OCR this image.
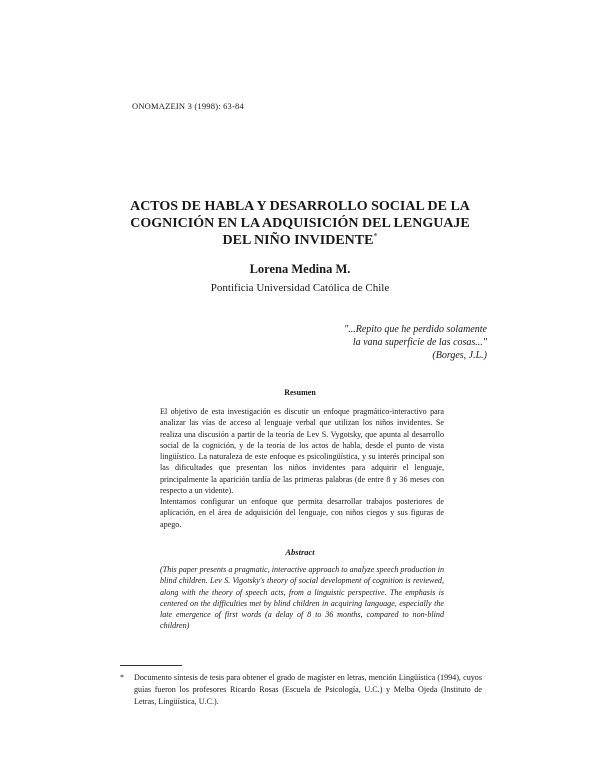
ONOMAZEIN 3 (1998): 63-84
ACTOS DE HABLA Y DESARROLLO SOCIAL DE LA
COGNICIÓN EN LA ADQUISICIÓN DEL LENGUAJE
DEL NIÑO INVIDENTE*
Lorena Medina M.
Pontificia Universidad Católica de Chile
"...Repito que he perdido solamente
la vana superficie de las cosas..."
(Borges, J.L.)
Resumen

El objetivo de esta investigación es discutir un enfoque pragmático-interactivo para analizar las vías de acceso al lenguaje verbal que utilizan los niños invidentes. Se realiza una discusión a partir de la teoría de Lev S. Vygotsky, que apunta al desarrollo social de la cognición, y de la teoría de los actos de habla, desde el punto de vista lingüístico. La naturaleza de este enfoque es psicolingüística, y su interés principal son las dificultades que presentan los niños invidentes para adquirir el lenguaje, principalmente la aparición tardía de las primeras palabras (de entre 8 y 36 meses con respecto a un vidente).

Intentamos configurar un enfoque que permita desarrollar trabajos posteriores de aplicación, en el área de adquisición del lenguaje, con niños ciegos y sus figuras de apego.

Abstract

(This paper presents a pragmatic, interactive approach to analyze speech production in blind children. Lev S. Vigotsky's theory of social development of cognition is reviewed, along with the theory of speech acts, from a linguistic perspective. The emphasis is centered on the difficulties met by blind children in acquiring language, especially the late emergence of first words (a delay of 8 to 36 months, compared to non-blind children)

* Documento síntesis de tesis para obtener el grado de magíster en letras, mención Lingüística (1994), cuyos guías fueron los profesores Ricardo Rosas (Escuela de Psicología, U.C.) y Melba Ojeda (Instituto de Letras, Lingüística, U.C.).
